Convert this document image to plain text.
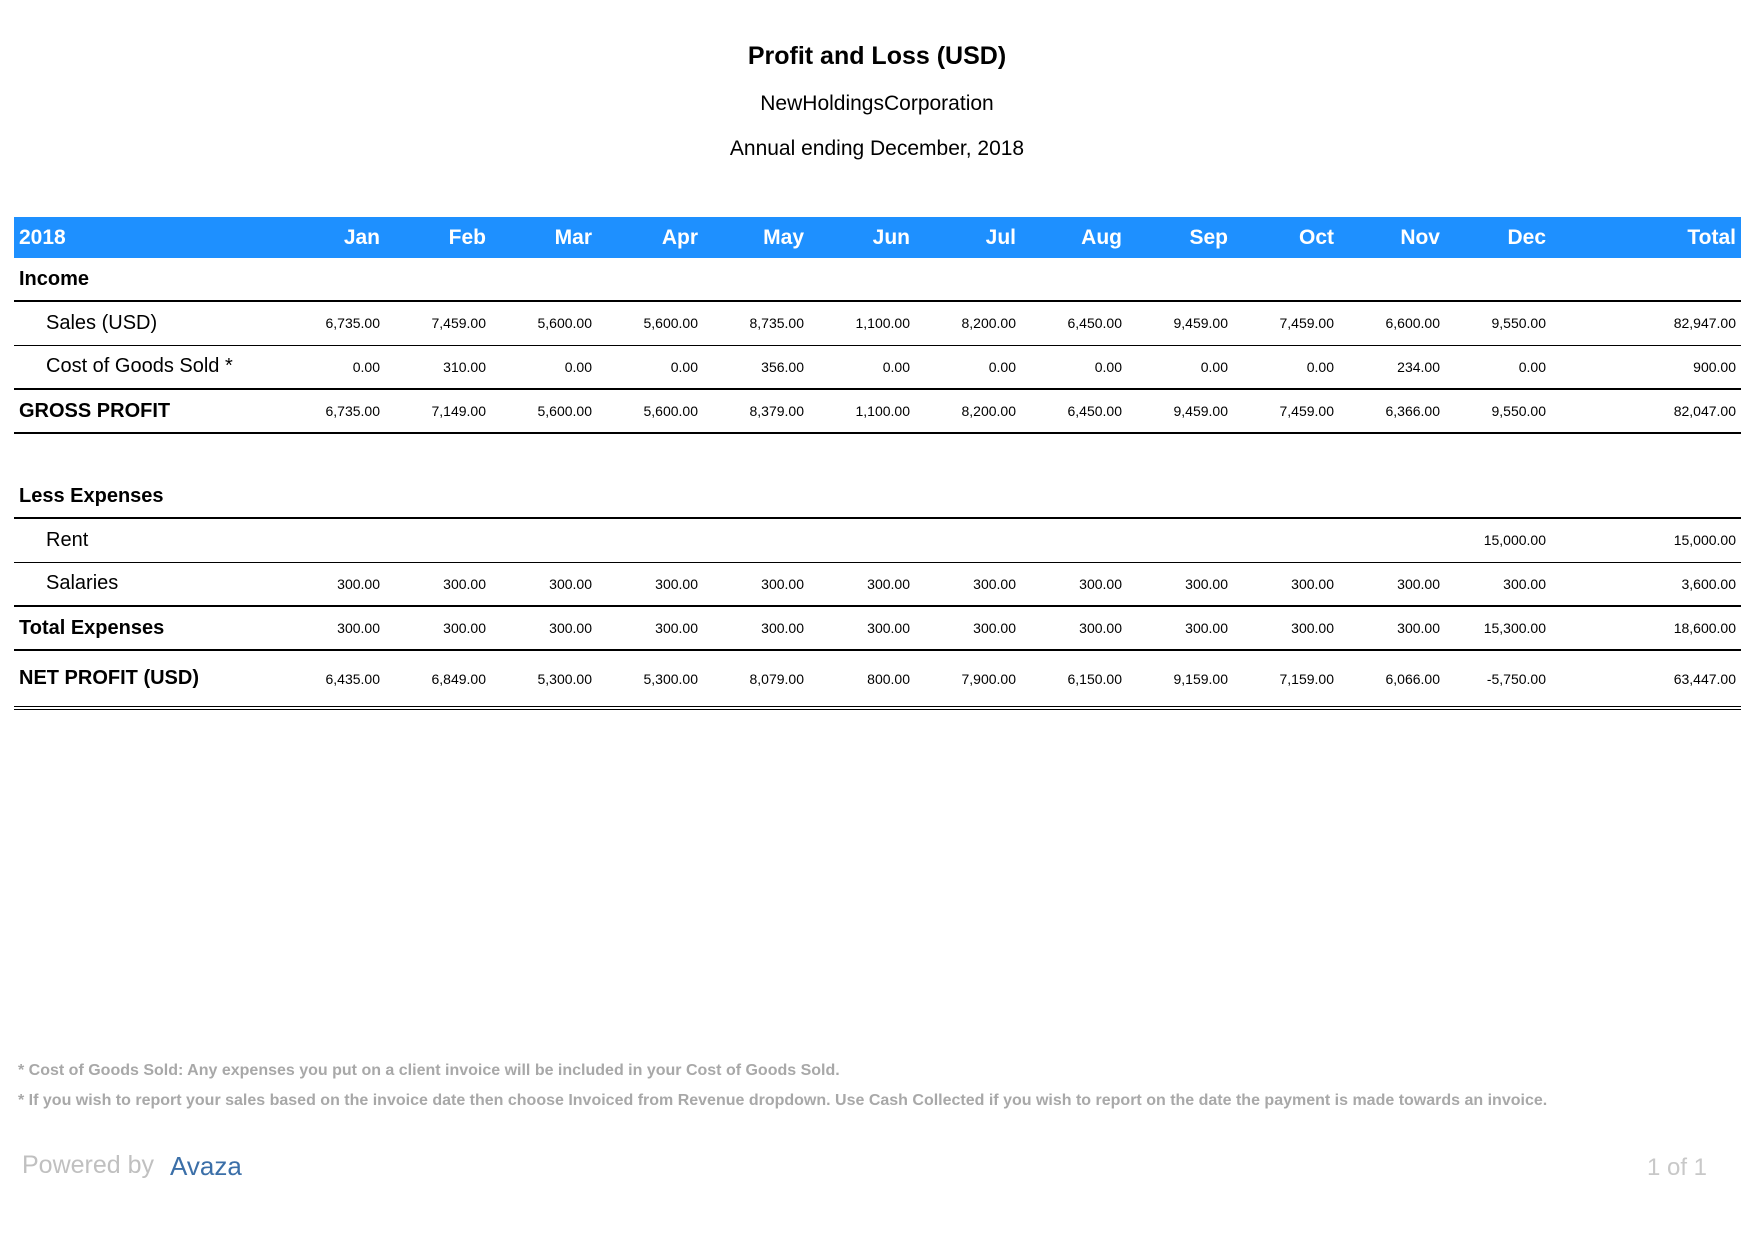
Profit and Loss (USD)
NewHoldingsCorporation
Annual ending December, 2018
2018	Jan	Feb	Mar	Apr	May	Jun	Jul	Aug	Sep	Oct	Nov	Dec	Total
Income													
Sales (USD)	6,735.00	7,459.00	5,600.00	5,600.00	8,735.00	1,100.00	8,200.00	6,450.00	9,459.00	7,459.00	6,600.00	9,550.00	82,947.00
Cost of Goods Sold *	0.00	310.00	0.00	0.00	356.00	0.00	0.00	0.00	0.00	0.00	234.00	0.00	900.00
GROSS PROFIT	6,735.00	7,149.00	5,600.00	5,600.00	8,379.00	1,100.00	8,200.00	6,450.00	9,459.00	7,459.00	6,366.00	9,550.00	82,047.00

Less Expenses													
Rent												15,000.00	15,000.00
Salaries	300.00	300.00	300.00	300.00	300.00	300.00	300.00	300.00	300.00	300.00	300.00	300.00	3,600.00
Total Expenses	300.00	300.00	300.00	300.00	300.00	300.00	300.00	300.00	300.00	300.00	300.00	15,300.00	18,600.00
NET PROFIT (USD)	6,435.00	6,849.00	5,300.00	5,300.00	8,079.00	800.00	7,900.00	6,150.00	9,159.00	7,159.00	6,066.00	-5,750.00	63,447.00
* Cost of Goods Sold: Any expenses you put on a client invoice will be included in your Cost of Goods Sold.
* If you wish to report your sales based on the invoice date then choose Invoiced from Revenue dropdown. Use Cash Collected if you wish to report on the date the payment is made towards an invoice.
Powered by Avaza	1 of 1
